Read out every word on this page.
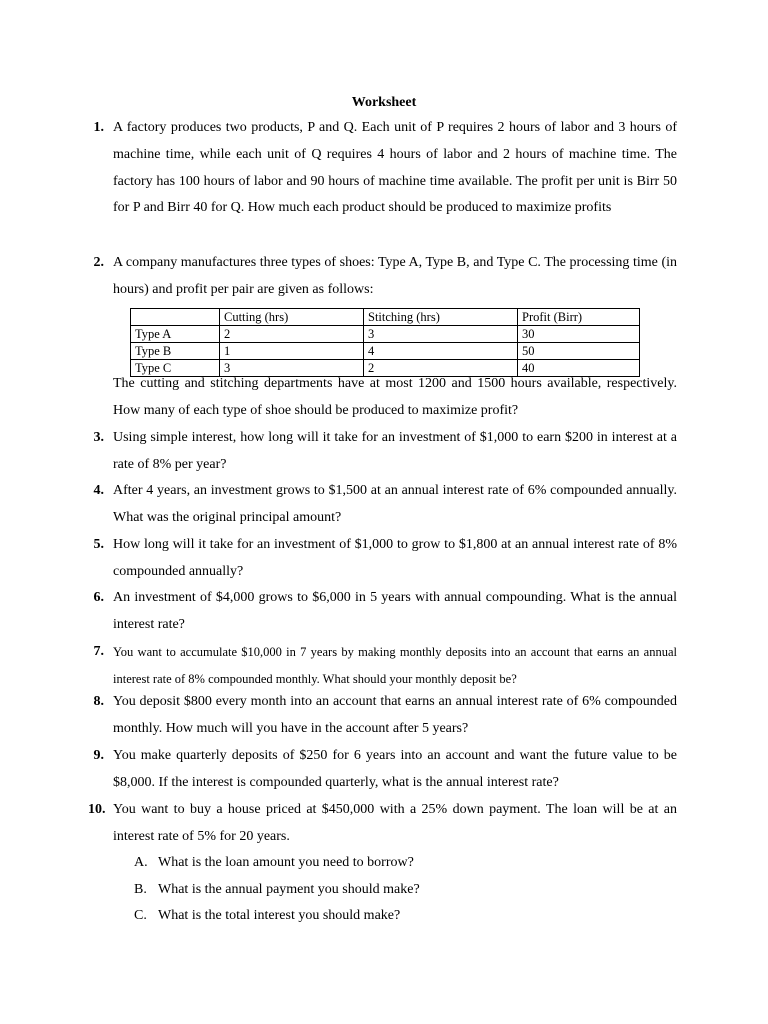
Worksheet
1. A factory produces two products, P and Q. Each unit of P requires 2 hours of labor and 3 hours of machine time, while each unit of Q requires 4 hours of labor and 2 hours of machine time. The factory has 100 hours of labor and 90 hours of machine time available. The profit per unit is Birr 50 for P and Birr 40 for Q. How much each product should be produced to maximize profits
2. A company manufactures three types of shoes: Type A, Type B, and Type C. The processing time (in hours) and profit per pair are given as follows:
	Cutting (hrs)	Stitching (hrs)	Profit (Birr)
Type A	2	3	30
Type B	1	4	50
Type C	3	2	40
The cutting and stitching departments have at most 1200 and 1500 hours available, respectively. How many of each type of shoe should be produced to maximize profit?
3. Using simple interest, how long will it take for an investment of $1,000 to earn $200 in interest at a rate of 8% per year?
4. After 4 years, an investment grows to $1,500 at an annual interest rate of 6% compounded annually. What was the original principal amount?
5. How long will it take for an investment of $1,000 to grow to $1,800 at an annual interest rate of 8% compounded annually?
6. An investment of $4,000 grows to $6,000 in 5 years with annual compounding. What is the annual interest rate?
7. You want to accumulate $10,000 in 7 years by making monthly deposits into an account that earns an annual interest rate of 8% compounded monthly. What should your monthly deposit be?
8. You deposit $800 every month into an account that earns an annual interest rate of 6% compounded monthly. How much will you have in the account after 5 years?
9. You make quarterly deposits of $250 for 6 years into an account and want the future value to be $8,000. If the interest is compounded quarterly, what is the annual interest rate?
10. You want to buy a house priced at $450,000 with a 25% down payment. The loan will be at an interest rate of 5% for 20 years.
A. What is the loan amount you need to borrow?
B. What is the annual payment you should make?
C. What is the total interest you should make?
